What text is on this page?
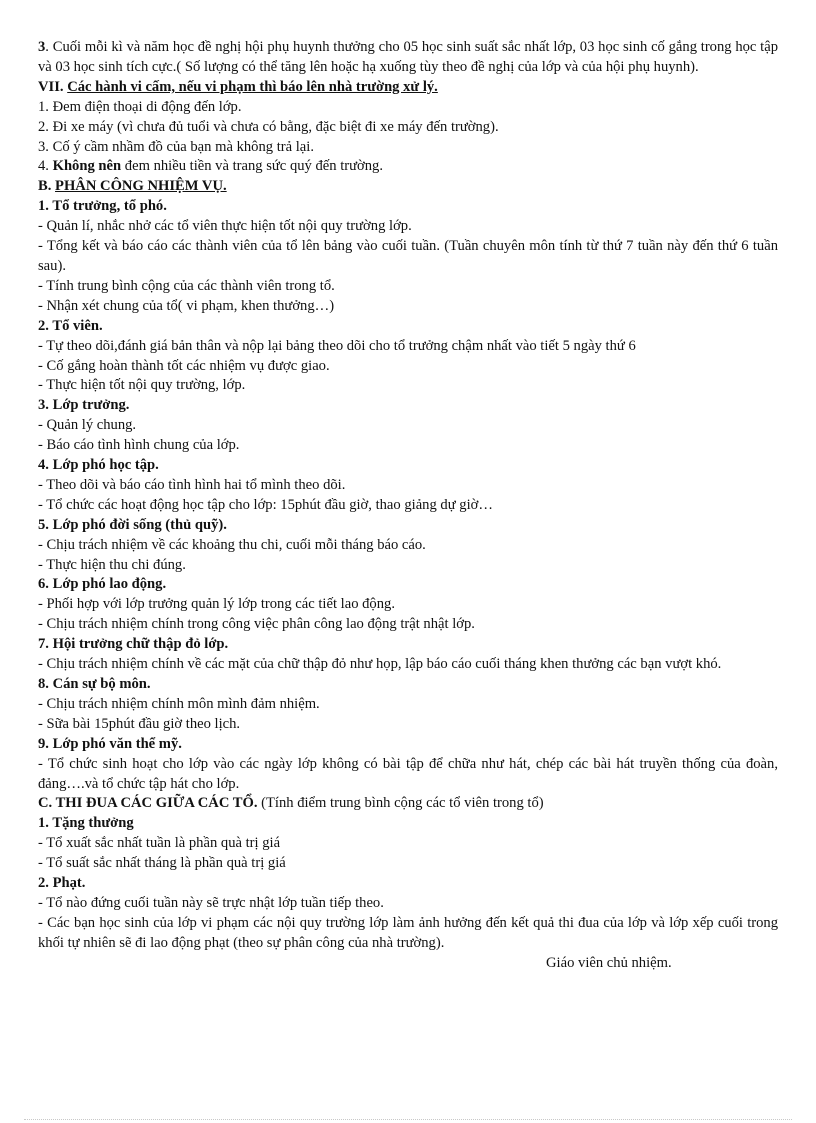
3. Cuối mỗi kì và năm học đề nghị hội phụ huynh thưởng cho 05 học sinh suất sắc nhất lớp, 03 học sinh cố gắng trong học tập và 03 học sinh tích cực.( Số lượng có thể tăng lên hoặc hạ xuống tùy theo đề nghị của lớp và của hội phụ huynh).

VII. Các hành vi cấm, nếu vi phạm thì báo lên nhà trường xử lý.

1. Đem điện thoại di động đến lớp.

2. Đi xe máy (vì chưa đủ tuổi và chưa có bằng, đặc biệt đi xe máy đến trường).

3. Cố ý cầm nhầm đồ của bạn mà không trả lại.

4. Không nên đem nhiều tiền và trang sức quý đến trường.

B. PHÂN CÔNG NHIỆM VỤ.

1. Tổ trưởng, tổ phó.

- Quản lí, nhắc nhở các tổ viên thực hiện tốt nội quy trường lớp.

- Tổng kết và báo cáo các thành viên của tổ lên bảng vào cuối tuần. (Tuần chuyên môn tính từ thứ 7 tuần này đến thứ 6 tuần sau).

- Tính trung bình cộng của các thành viên trong tổ.

- Nhận xét chung của tổ( vi phạm, khen thưởng…)

2. Tổ viên.

- Tự theo dõi,đánh giá bản thân và nộp lại bảng theo dõi cho tổ trưởng chậm nhất vào tiết 5 ngày thứ 6

- Cố gắng hoàn thành tốt các nhiệm vụ được giao.

- Thực hiện tốt nội quy trường, lớp.

3. Lớp trưởng.

- Quản lý chung.

- Báo cáo tình hình chung của lớp.

4. Lớp phó học tập.

- Theo dõi và báo cáo tình hình hai tổ mình theo dõi.

- Tổ chức các hoạt động học tập cho lớp: 15phút đầu giờ, thao giảng dự giờ…

5. Lớp phó đời sống (thủ quỹ).

- Chịu trách nhiệm về các khoảng thu chi, cuối mỗi tháng báo cáo.

- Thực hiện thu chi đúng.

6. Lớp phó lao động.

- Phối hợp với lớp trưởng quản lý lớp trong các tiết lao động.

- Chịu trách nhiệm chính trong công việc phân công lao động trật nhật lớp.

7. Hội trưởng chữ thập đỏ lớp.

- Chịu trách nhiệm chính về các mặt của chữ thập đỏ như họp, lập báo cáo cuối tháng khen thưởng các bạn vượt khó.

8. Cán sự bộ môn.

- Chịu trách nhiệm chính môn mình đảm nhiệm.

- Sữa bài 15phút đầu giờ theo lịch.

9. Lớp phó văn thể mỹ.

- Tổ chức sinh hoạt cho lớp vào các ngày lớp không có bài tập để chữa như hát, chép các bài hát truyền thống của đoàn, đảng….và tổ chức tập hát cho lớp.

C. THI ĐUA CÁC GIỮA CÁC TỔ. (Tính điểm trung bình cộng các tổ viên trong tổ)

1. Tặng thưởng

- Tổ xuất sắc nhất tuần là phần quà trị giá

- Tổ suất sắc nhất tháng là phần quà trị giá

2. Phạt.

- Tổ nào đứng cuối tuần này sẽ trực nhật lớp tuần tiếp theo.

- Các bạn học sinh của lớp vi phạm các nội quy trường lớp làm ảnh hưởng đến kết quả thi đua của lớp và lớp xếp cuối trong khối tự nhiên sẽ đi lao động phạt (theo sự phân công của nhà trường).

Giáo viên chủ nhiệm.
